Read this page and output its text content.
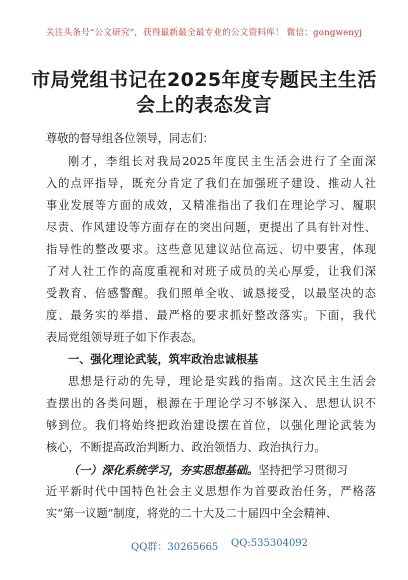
关注头条号“公文研究”，获得最新最全最专业的公文资料库！ 微信：gongwenyj
市局党组书记在2025年度专题民主生活
会上的表态发言
尊敬的督导组各位领导，同志们：
刚才，李组长对我局2025年度民主生活会进行了全面深
入的点评指导，既充分肯定了我们在加强班子建设、推动人社
事业发展等方面的成效，又精准指出了我们在理论学习、履职
尽责、作风建设等方面存在的突出问题，更提出了具有针对性、
指导性的整改要求。这些意见建议站位高远、切中要害，体现
了对人社工作的高度重视和对班子成员的关心厚爱，让我们深
受教育、倍感警醒。我们照单全收、诚恳接受，以最坚决的态
度、最务实的举措、最严格的要求抓好整改落实。下面，我代
表局党组领导班子如下作表态。
一、强化理论武装，筑牢政治忠诚根基
思想是行动的先导，理论是实践的指南。这次民主生活会
查摆出的各类问题，根源在于理论学习不够深入、思想认识不
够到位。我们将始终把政治建设摆在首位，以强化理论武装为
核心，不断提高政治判断力、政治领悟力、政治执行力。
（一）深化系统学习，夯实思想基础。坚持把学习贯彻习
近平新时代中国特色社会主义思想作为首要政治任务，严格落
实“第一议题”制度，将党的二十大及二十届四中全会精神、
QQ群：30265665 QQ:535304092
